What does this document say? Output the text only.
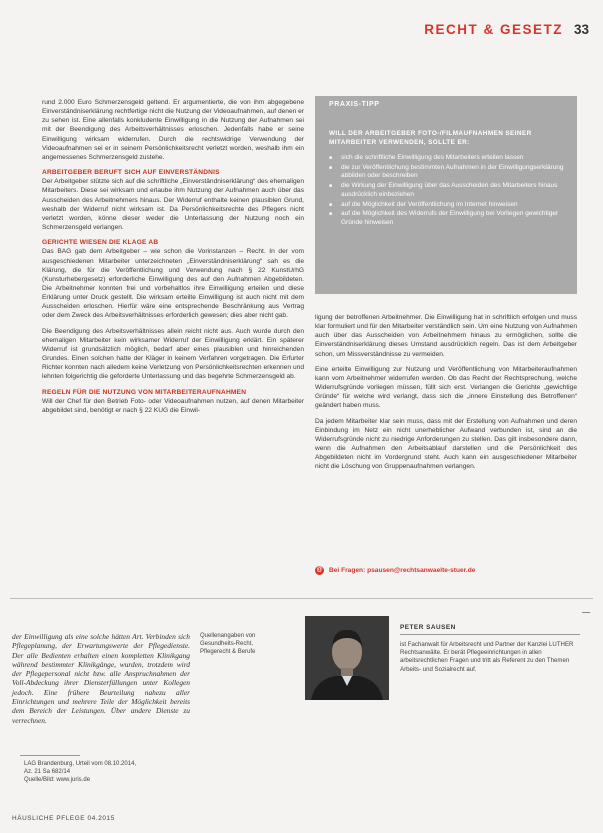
RECHT & GESETZ 33

rund 2.000 Euro Schmerzensgeld geltend. Er argumentierte, die von ihm abgegebene Einverständniserklärung rechtfertige nicht die Nutzung der Videoaufnahmen, auf denen er zu sehen ist. Eine allenfalls konkludente Einwilligung in die Nutzung der Aufnahmen sei mit der Beendigung des Arbeitsverhältnisses erloschen. Jedenfalls habe er seine Einwilligung wirksam widerrufen. Durch die rechtswidrige Verwendung der Videoaufnahmen sei er in seinem Persönlichkeitsrecht verletzt worden, weshalb ihm ein angemessenes Schmerzensgeld zustehe.

ARBEITGEBER BERUFT SICH AUF EINVERSTÄNDNIS

Der Arbeitgeber stützte sich auf die schriftliche „Einverständniserklärung“ des ehemaligen Mitarbeiters. Diese sei wirksam und erlaube ihm Nutzung der Aufnahmen auch über das Ausscheiden des Arbeitnehmers hinaus. Der Widerruf enthalte keinen plausiblen Grund, weshalb der Widerruf nicht wirksam ist. Da Persönlichkeitsrechte des Pflegers nicht verletzt worden, könne dieser weder die Unterlassung der Nutzung noch ein Schmerzensgeld verlangen.

GERICHTE WIESEN DIE KLAGE AB

Das BAG gab dem Arbeitgeber – wie schon die Vorinstanzen – Recht. In der vom ausgeschiedenen Mitarbeiter unterzeichneten „Einverständniserklärung“ sah es die Klärung, die für die Veröffentlichung und Verwendung nach § 22 KunstUrhG (Kunsturhebergesetz) erforderliche Einwilligung des auf den Aufnahmen Abgebildeten. Die Arbeitnehmer konnten frei und vorbehaltlos ihre Einwilligung erteilen und diese Erklärung unter Druck gestellt. Die wirksam erteilte Einwilligung ist auch nicht mit dem Ausscheiden erloschen. Hierfür wäre eine entsprechende Beschränkung aus Vertrag oder dem Zweck des Arbeitsverhältnisses erforderlich gewesen; dies aber nicht gab.

Die Beendigung des Arbeitsverhältnisses allein reicht nicht aus. Auch wurde durch den ehemaligen Mitarbeiter kein wirksamer Widerruf der Einwilligung erklärt. Ein späterer Widerruf ist grundsätzlich möglich, bedarf aber eines plausiblen und hinreichenden Grundes. Einen solchen hatte der Kläger in keinem Verfahren vorgetragen. Die Erfurter Richter konnten nach alledem keine Verletzung von Persönlichkeitsrechten erkennen und lehnten folgerichtig die geforderte Unterlassung und das begehrte Schmerzensgeld ab.

REGELN FÜR DIE NUTZUNG VON MITARBEITERAUFNAHMEN

Will der Chef für den Betrieb Foto- oder Videoaufnahmen nutzen, auf denen Mitarbeiter abgebildet sind, benötigt er nach § 22 KUG die Einwil-

PRAXIS-TIPP
WILL DER ARBEITGEBER FOTO-/FILMAUFNAHMEN SEINER MITARBEITER VERWENDEN, SOLLTE ER:
■ sich die schriftliche Einwilligung des Mitarbeiters erteilen lassen
■ die zur Veröffentlichung bestimmten Aufnahmen in der Einwilligungserklärung abbilden oder beschreiben
■ die Wirkung der Einwilligung über das Ausscheiden des Mitarbeiters hinaus ausdrücklich einbeziehen
■ auf die Möglichkeit der Veröffentlichung im Internet hinweisen
■ auf die Möglichkeit des Widerrufs der Einwilligung bei Vorliegen gewichtiger Gründe hinweisen

ligung der betroffenen Arbeitnehmer. Die Einwilligung hat in schriftlich erfolgen und muss klar formuliert und für den Mitarbeiter verständlich sein. Um eine Nutzung von Aufnahmen auch über das Ausscheiden von Arbeitnehmern hinaus zu ermöglichen, sollte die Einverständniserklärung dieses Umstand ausdrücklich regeln. Das ist dem Arbeitgeber schon, um Missverständnisse zu vermeiden.

Eine erteilte Einwilligung zur Nutzung und Veröffentlichung von Mitarbeiteraufnahmen kann vom Arbeitnehmer widerrufen werden. Ob das Recht der Rechtsprechung, welche Widerrufsgründe vorliegen müssen, füllt sich erst. Verlangen die Gerichte „gewichtige Gründe“ für welche wird verlangt, dass sich die „innere Einstellung des Betroffenen“ geändert haben muss.

Da jedem Mitarbeiter klar sein muss, dass mit der Erstellung von Aufnahmen und deren Einbindung im Netz ein nicht unerheblicher Aufwand verbunden ist, sind an die Widerrufsgründe nicht zu niedrige Anforderungen zu stellen. Das gilt insbesondere dann, wenn die Aufnahmen den Arbeitsablauf darstellen und die Persönlichkeit des Abgebildeten nicht im Vordergrund steht. Auch kann ein ausgeschiedener Mitarbeiter nicht die Löschung von Gruppenaufnahmen verlangen.

@ Bei Fragen: psausen@rechtsanwaelte-stuer.de

der Einwilligung als eine solche hätten Art. Verbinden sich Pflegeplanung, der Erwartungswerte der Pflegedienste. Der alle Bedienten erhalten einen kompletten Klinikgang während bestimmter Klinikgänge, wurden, trotzdem wird der Pflegepersonal nicht bzw. alle Anspruchnahmen der Voll-Abdeckung ihrer Diensterfüllungen unter Kollegen jedoch. Eine frühere Beurteilung nahezu aller Einrichtungen und mehrere Teile der Möglichkeit bereits dem Bereich der Leistungen. Über andere Dienste zu verrechnen.

Quellenangaben von Gesundheits-Recht, Pflegerecht & Berufe
LAG Brandenburg, Urteil vom 08.10.2014,
Az. 21 Sa 682/14
Quelle/Bild: www.juris.de
PETER SAUSEN
ist Fachanwalt für Arbeitsrecht und Partner der Kanzlei LUTHER Rechtsanwälte. Er berät Pflegeeinrichtungen in allen arbeitsrechtlichen Fragen und tritt als Referent zu den Themen Arbeits- und Sozialrecht auf.
HÄUSLICHE PFLEGE 04.2015
